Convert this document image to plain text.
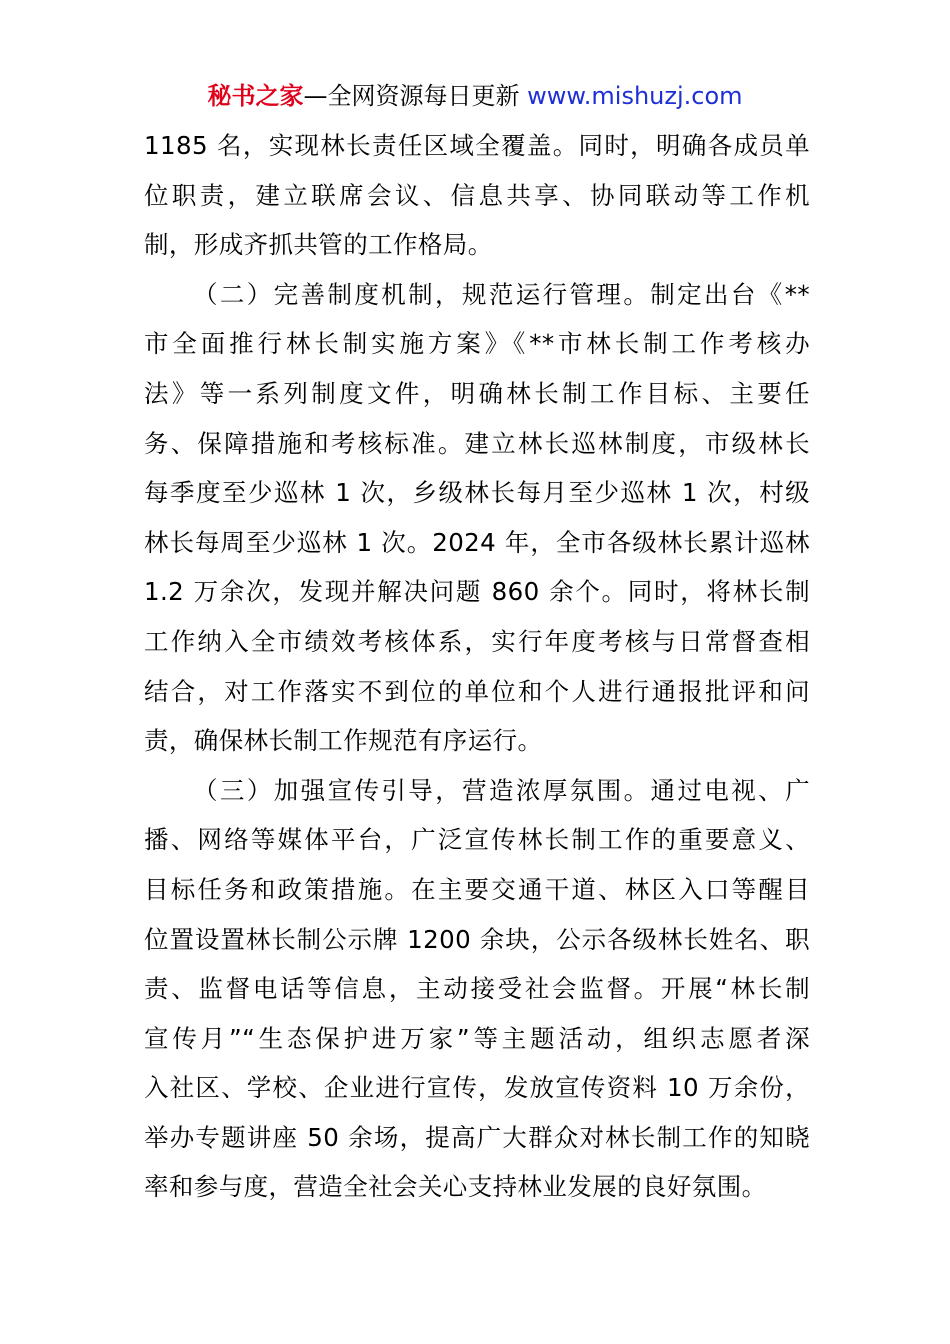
秘书之家—全网资源每日更新 www.mishuzj.com
1185 名，实现林长责任区域全覆盖。同时，明确各成员单
位职责，建立联席会议、信息共享、协同联动等工作机
制，形成齐抓共管的工作格局。
（二）完善制度机制，规范运行管理。制定出台《**
市全面推行林长制实施方案》《**市林长制工作考核办
法》等一系列制度文件，明确林长制工作目标、主要任
务、保障措施和考核标准。建立林长巡林制度，市级林长
每季度至少巡林 1 次，乡级林长每月至少巡林 1 次，村级
林长每周至少巡林 1 次。2024 年，全市各级林长累计巡林
1.2 万余次，发现并解决问题 860 余个。同时，将林长制
工作纳入全市绩效考核体系，实行年度考核与日常督查相
结合，对工作落实不到位的单位和个人进行通报批评和问
责，确保林长制工作规范有序运行。
（三）加强宣传引导，营造浓厚氛围。通过电视、广
播、网络等媒体平台，广泛宣传林长制工作的重要意义、
目标任务和政策措施。在主要交通干道、林区入口等醒目
位置设置林长制公示牌 1200 余块，公示各级林长姓名、职
责、监督电话等信息，主动接受社会监督。开展“林长制
宣传月”“生态保护进万家”等主题活动，组织志愿者深
入社区、学校、企业进行宣传，发放宣传资料 10 万余份，
举办专题讲座 50 余场，提高广大群众对林长制工作的知晓
率和参与度，营造全社会关心支持林业发展的良好氛围。
